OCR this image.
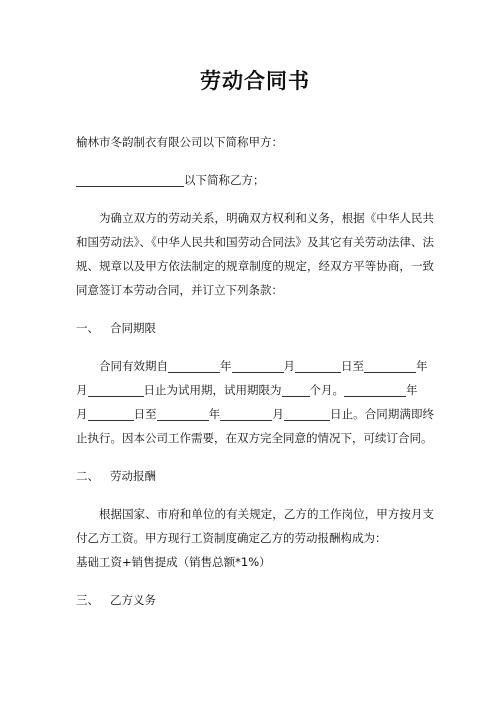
劳动合同书
榆林市冬韵制衣有限公司以下简称甲方：
以下简称乙方；
为确立双方的劳动关系，明确双方权利和义务，根据《中华人民共和国劳动法》、《中华人民共和国劳动合同法》及其它有关劳动法律、法规、规章以及甲方依法制定的规章制度的规定，经双方平等协商，一致同意签订本劳动合同，并订立下列条款：
一、 合同期限
合同有效期自	年	月	日至	年
月	日止为试用期，试用期限为 个月。	年
月	日至	年	月	日止。合同期满即终止执行。因本公司工作需要，在双方完全同意的情况下，可续订合同。
二、 劳动报酬
根据国家、市府和单位的有关规定，乙方的工作岗位，甲方按月支付乙方工资。甲方现行工资制度确定乙方的劳动报酬构成为：
基础工资+销售提成（销售总额*1%）
三、 乙方义务
